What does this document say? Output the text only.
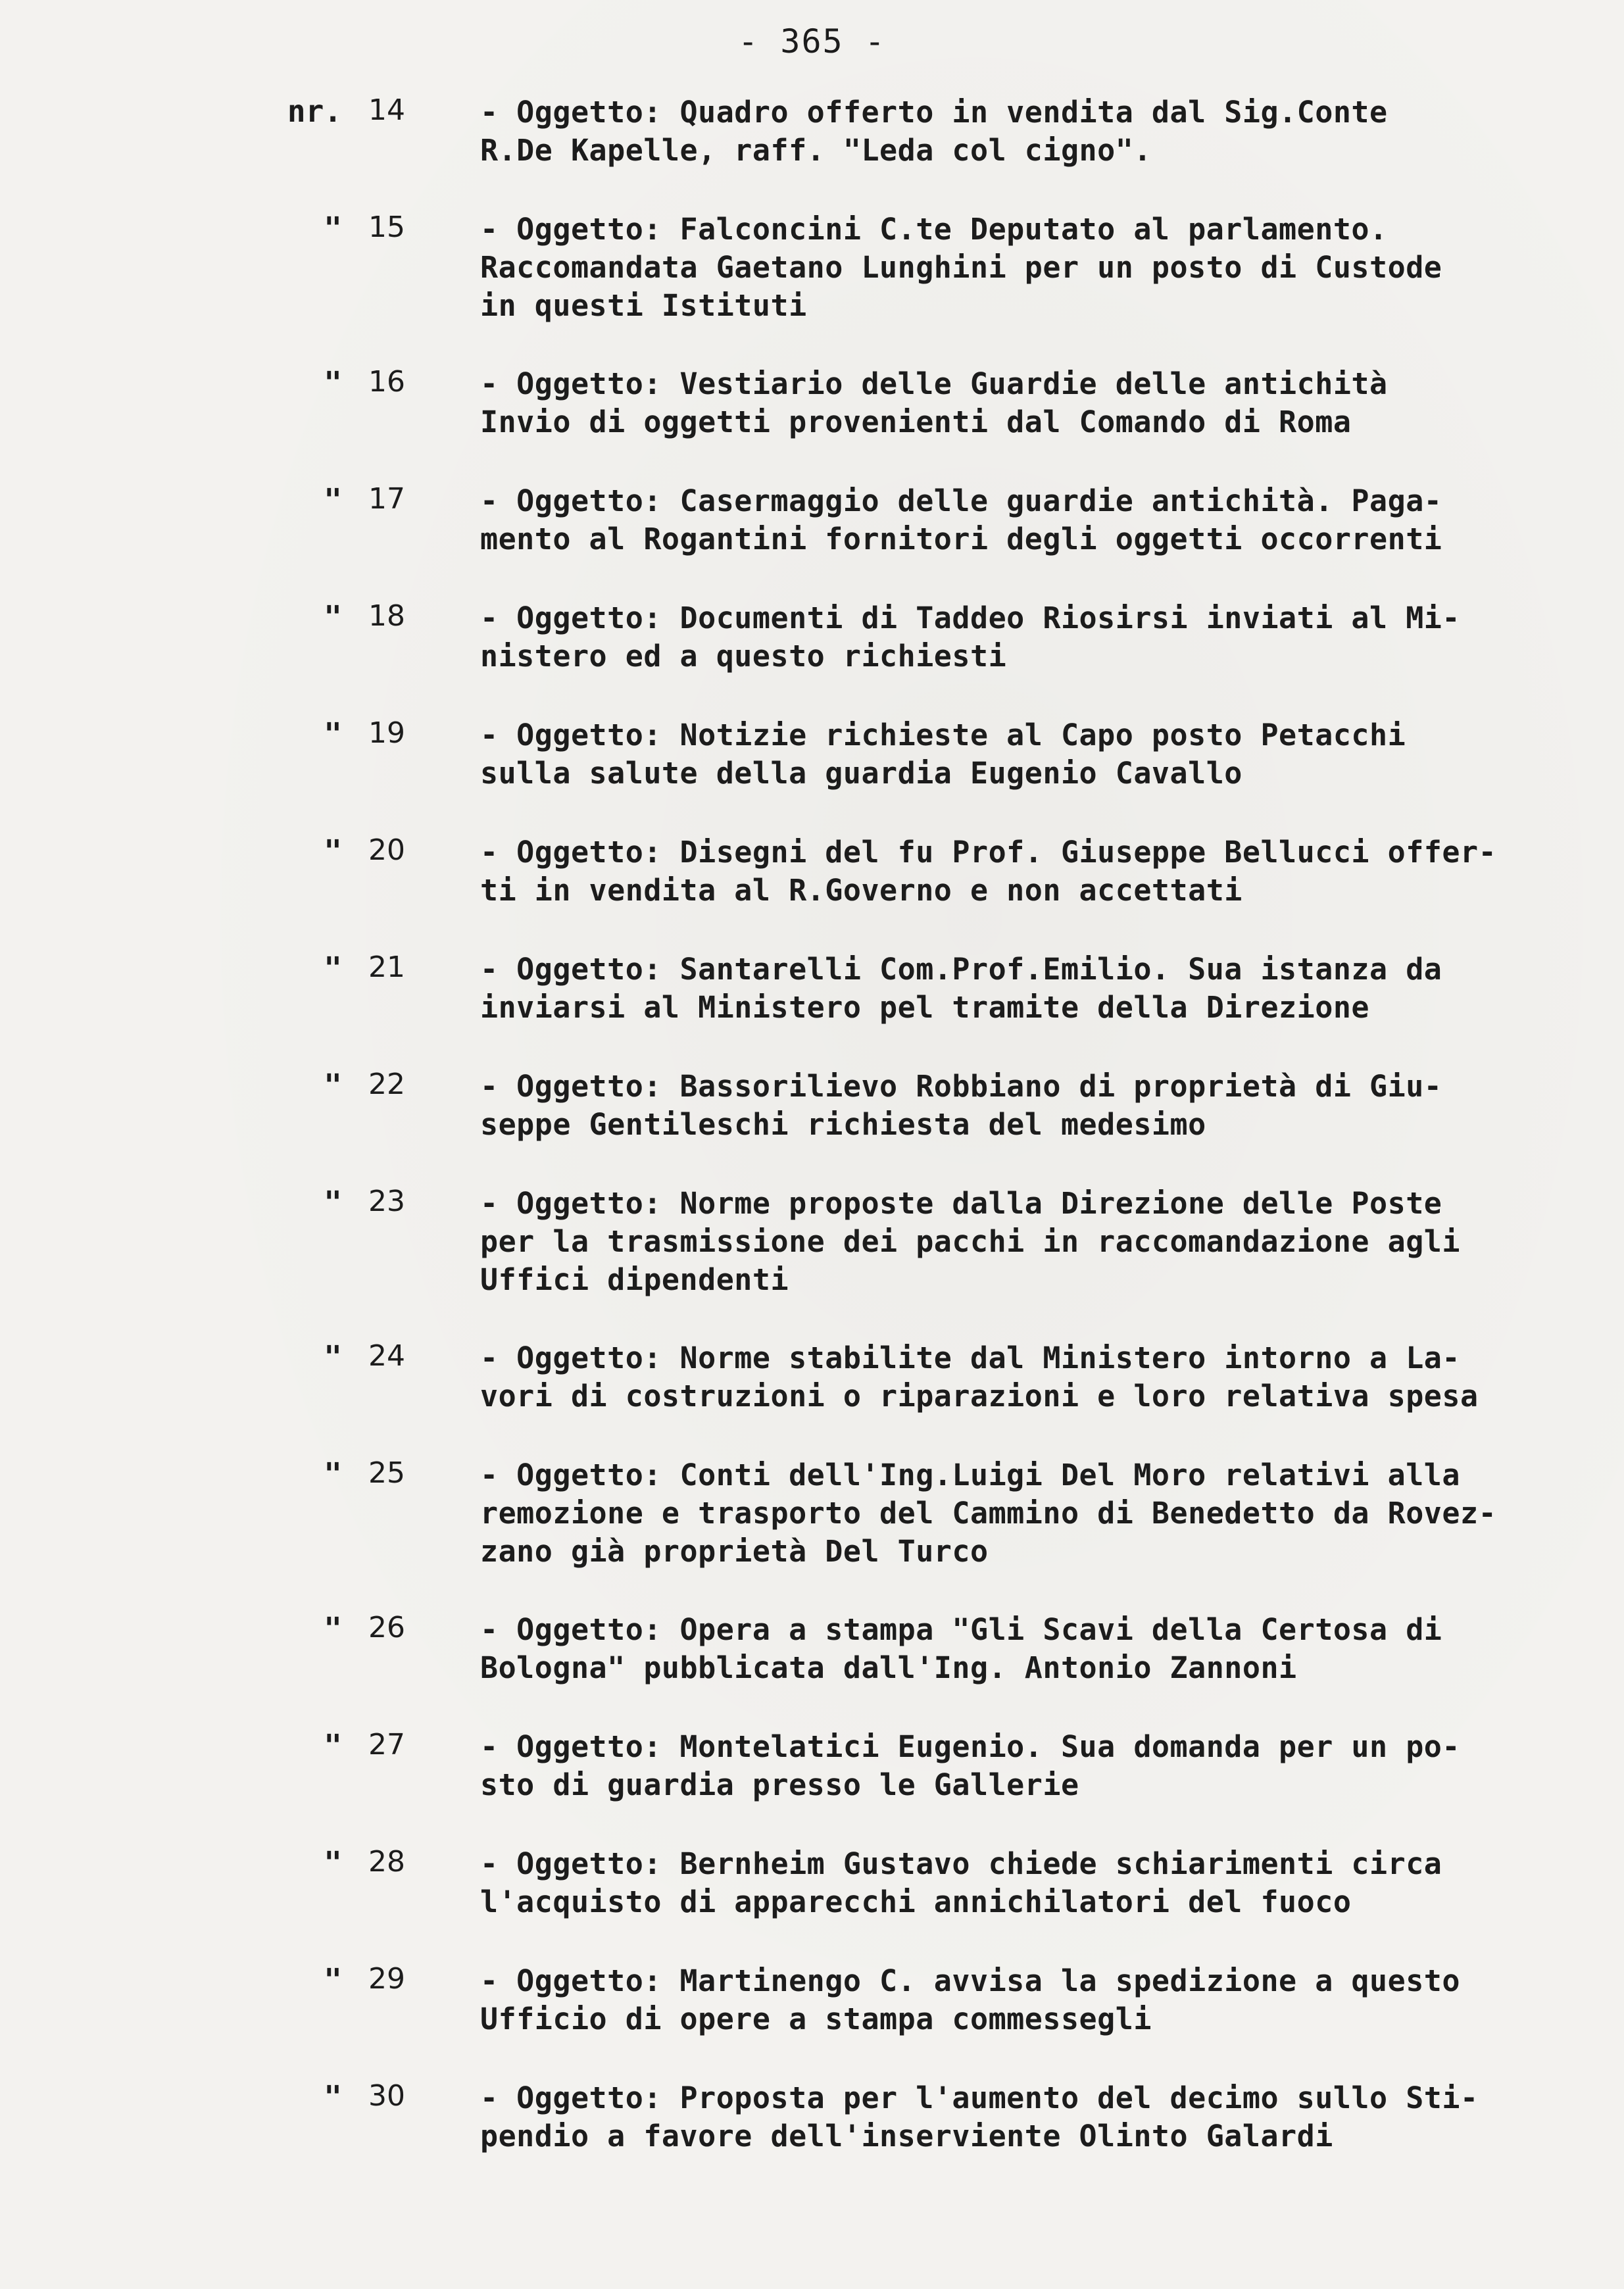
- 365 -
nr. 14	- Oggetto: Quadro offerto in vendita dal Sig.Conte
R.De Kapelle, raff. "Leda col cigno".
" 15	- Oggetto: Falconcini C.te Deputato al parlamento.
Raccomandata Gaetano Lunghini per un posto di Custode
in questi Istituti
" 16	- Oggetto: Vestiario delle Guardie delle antichità
Invio di oggetti provenienti dal Comando di Roma
" 17	- Oggetto: Casermaggio delle guardie antichità. Paga-
mento al Rogantini fornitori degli oggetti occorrenti
" 18	- Oggetto: Documenti di Taddeo Riosirsi inviati al Mi-
nistero ed a questo richiesti
" 19	- Oggetto: Notizie richieste al Capo posto Petacchi
sulla salute della guardia Eugenio Cavallo
" 20	- Oggetto: Disegni del fu Prof. Giuseppe Bellucci offer-
ti in vendita al R.Governo e non accettati
" 21	- Oggetto: Santarelli Com.Prof.Emilio. Sua istanza da
inviarsi al Ministero pel tramite della Direzione
" 22	- Oggetto: Bassorilievo Robbiano di proprietà di Giu-
seppe Gentileschi richiesta del medesimo
" 23	- Oggetto: Norme proposte dalla Direzione delle Poste
per la trasmissione dei pacchi in raccomandazione agli
Uffici dipendenti
" 24	- Oggetto: Norme stabilite dal Ministero intorno a La-
vori di costruzioni o riparazioni e loro relativa spesa
" 25	- Oggetto: Conti dell'Ing.Luigi Del Moro relativi alla
remozione e trasporto del Cammino di Benedetto da Rovez-
zano già proprietà Del Turco
" 26	- Oggetto: Opera a stampa "Gli Scavi della Certosa di
Bologna" pubblicata dall'Ing. Antonio Zannoni
" 27	- Oggetto: Montelatici Eugenio. Sua domanda per un po-
sto di guardia presso le Gallerie
" 28	- Oggetto: Bernheim Gustavo chiede schiarimenti circa
l'acquisto di apparecchi annichilatori del fuoco
" 29	- Oggetto: Martinengo C. avvisa la spedizione a questo
Ufficio di opere a stampa commessegli
" 30	- Oggetto: Proposta per l'aumento del decimo sullo Sti-
pendio a favore dell'inserviente Olinto Galardi
